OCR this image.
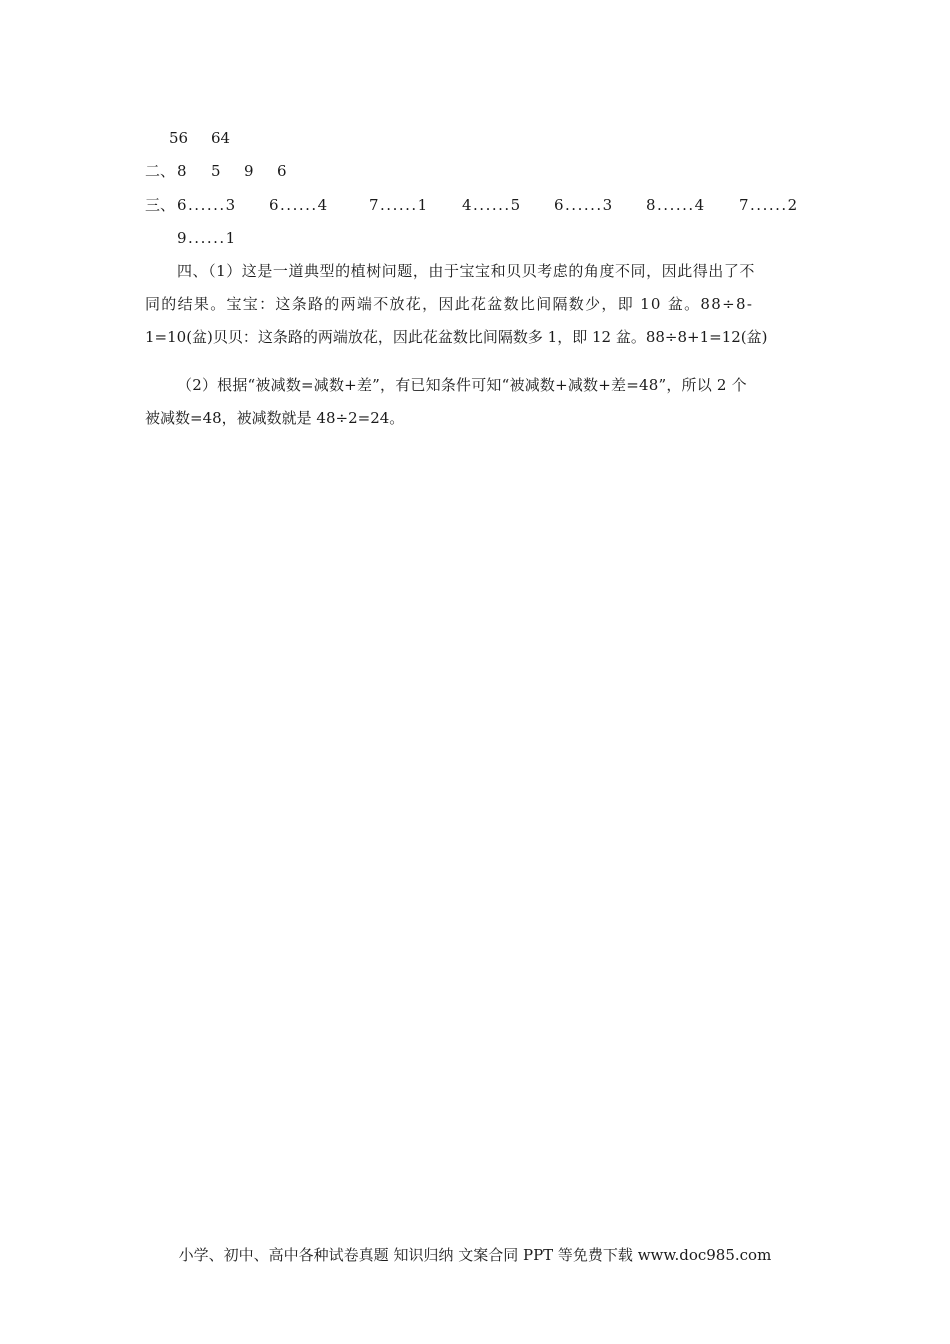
56 64
二、 8 5 9 6
三、 6......3 6......4	7......1 4......5 6......3 8......4 7......2
9......1
四、（1）这是一道典型的植树问题，由于宝宝和贝贝考虑的角度不同，因此得出了不
同的结果。宝宝：这条路的两端不放花，因此花盆数比间隔数少，即 10 盆。88÷8-
1=10(盆)贝贝：这条路的两端放花，因此花盆数比间隔数多 1，即 12 盆。88÷8+1=12(盆)
（2）根据“被减数=减数+差”，有已知条件可知“被减数+减数+差=48”，所以 2 个
被减数=48，被减数就是 48÷2=24。
小学、初中、高中各种试卷真题 知识归纳 文案合同 PPT 等免费下载 www.doc985.com
